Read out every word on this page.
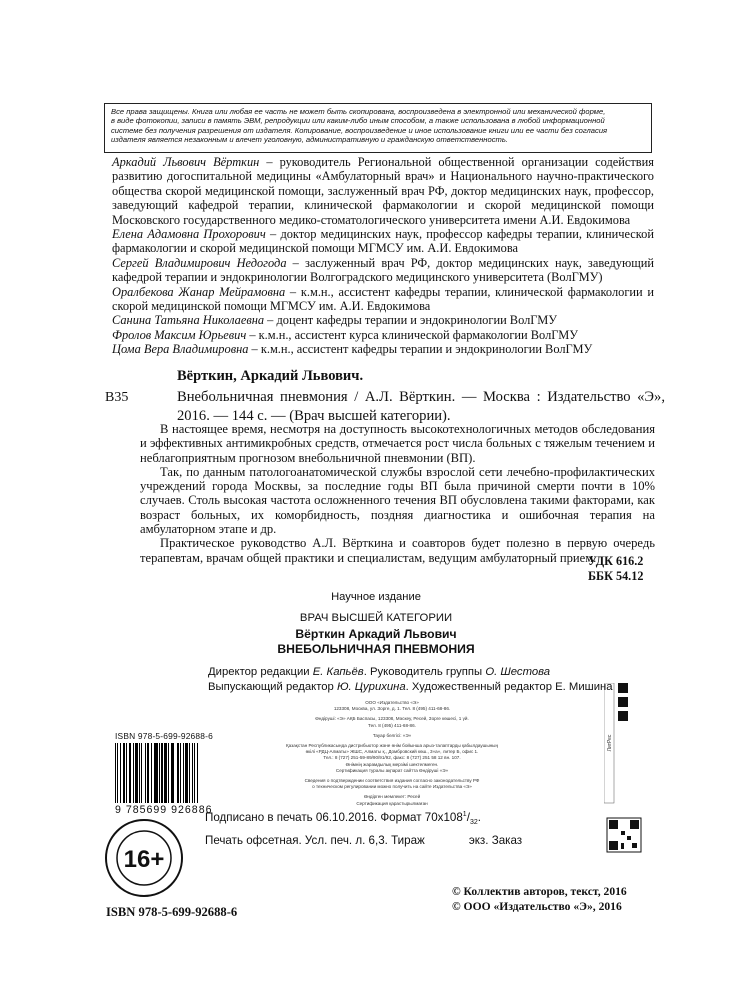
Все права защищены. Книга или любая ее часть не может быть скопирована, воспроизведена в электронной или механической форме,
в виде фотокопии, записи в память ЭВМ, репродукции или каким-либо иным способом, а также использована в любой информационной
системе без получения разрешения от издателя. Копирование, воспроизведение и иное использование книги или ее части без согласия
издателя является незаконным и влечет уголовную, административную и гражданскую ответственность.

Аркадий Львович Вёрткин – руководитель Региональной общественной организации содействия развитию догоспитальной медицины «Амбулаторный врач» и Национального научно-практического общества скорой медицинской помощи, заслуженный врач РФ, доктор медицинских наук, профессор, заведующий кафедрой терапии, клинической фармакологии и скорой медицинской помощи Московского государственного медико-стоматологического университета имени А.И. Евдокимова

Елена Адамовна Прохорович – доктор медицинских наук, профессор кафедры терапии, клинической фармакологии и скорой медицинской помощи МГМСУ им. А.И. Евдокимова

Сергей Владимирович Недогода – заслуженный врач РФ, доктор медицинских наук, заведующий кафедрой терапии и эндокринологии Волгоградского медицинского университета (ВолГМУ)

Оралбекова Жанар Мейрамовна – к.м.н., ассистент кафедры терапии, клинической фармакологии и скорой медицинской помощи МГМСУ им. А.И. Евдокимова

Санина Татьяна Николаевна – доцент кафедры терапии и эндокринологии ВолГМУ

Фролов Максим Юрьевич – к.м.н., ассистент курса клинической фармакологии ВолГМУ

Цома Вера Владимировна – к.м.н., ассистент кафедры терапии и эндокринологии ВолГМУ

Вёрткин, Аркадий Львович.
В35	Внебольничная пневмония / А.Л. Вёрткин. — Москва : Издательство «Э», 2016. — 144 с. — (Врач высшей категории).

В настоящее время, несмотря на доступность высокотехнологичных методов обследования и эффективных антимикробных средств, отмечается рост числа больных с тяжелым течением и неблагоприятным прогнозом внебольничной пневмонии (ВП).

Так, по данным патологоанатомической службы взрослой сети лечебно-профилактических учреждений города Москвы, за последние годы ВП была причиной смерти почти в 10% случаев. Столь высокая частота осложненного течения ВП обусловлена такими факторами, как возраст больных, их коморбидность, поздняя диагностика и ошибочная терапия на амбулаторном этапе и др.

Практическое руководство А.Л. Вёрткина и соавторов будет полезно в первую очередь терапевтам, врачам общей практики и специалистам, ведущим амбулаторный прием.

УДК 616.2
ББК 54.12
Научное издание
ВРАЧ ВЫСШЕЙ КАТЕГОРИИ
Вёрткин Аркадий Львович
ВНЕБОЛЬНИЧНАЯ ПНЕВМОНИЯ
Директор редакции Е. Капьёв. Руководитель группы О. Шестова
Выпускающий редактор Ю. Цурихина. Художественный редактор Е. Мишина
ООО «Издательство «Э»
123308, Москва, ул. Зорге, д. 1. Тел. 8 (495) 411-68-86.
Өндіруші: «Э» АҚБ Баспасы, 123308, Мәскеу, Ресей, Зорге көшесі, 1 үй.
Тел. 8 (495) 411-68-86.
Тауар белгісі: «Э»
Қазақстан Республикасында дистрибьютор және өнім бойынша арыз-талаптарды қабылдаушының
өкілі «РДЦ-Алматы» ЖШС, Алматы қ., Домбровский көш., 3«а», литер Б, офис 1.
Тел.: 8 (727) 251-59-89/90/91/92, факс: 8 (727) 251 58 12 вн. 107.
Өнімнің жарамдылық мерзімі шектелмеген.
Сертификация туралы ақпарат сайтта Өндіруші «Э»
Сведения о подтверждении соответствия издания согласно законодательству РФ
о техническом регулировании можно получить на сайте Издательства «Э»
Өндірген мемлекет: Ресей
Сертификация қарастырылмаған
ISBN 978-5-699-92688-6
9 785699 926886
Подписано в печать 06.10.2016. Формат $70х108^1/_{32}$.
Печать офсетная. Усл. печ. л. 6,3. Тираж	экз. Заказ
16+
ЛитРес
ISBN 978-5-699-92688-6
© Коллектив авторов, текст, 2016
© ООО «Издательство «Э», 2016
